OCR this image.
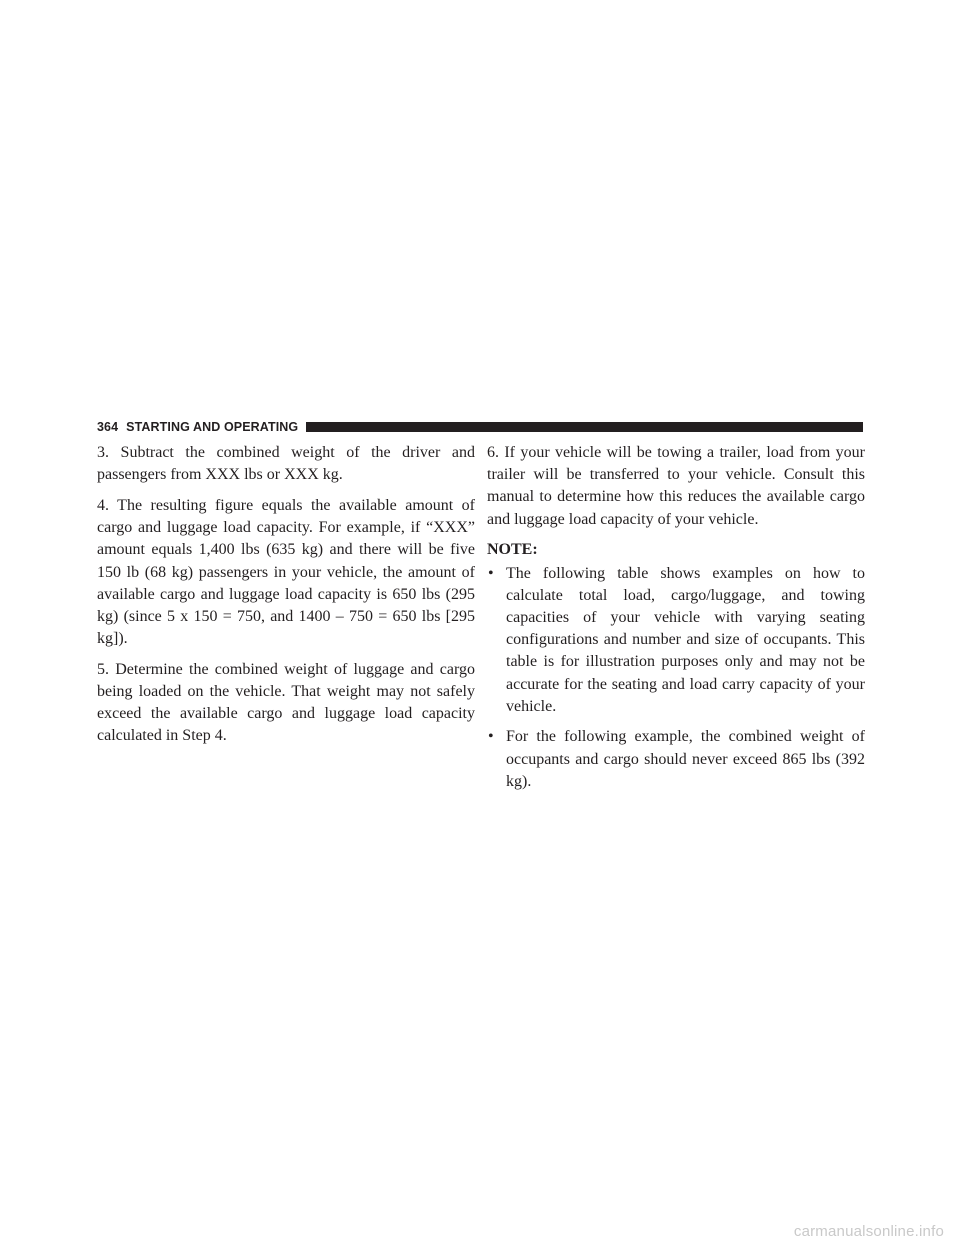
364 STARTING AND OPERATING

3. Subtract the combined weight of the driver and passengers from XXX lbs or XXX kg.

4. The resulting figure equals the available amount of cargo and luggage load capacity. For example, if “XXX” amount equals 1,400 lbs (635 kg) and there will be five 150 lb (68 kg) passengers in your vehicle, the amount of available cargo and luggage load capacity is 650 lbs (295 kg) (since 5 x 150 = 750, and 1400 – 750 = 650 lbs [295 kg]).

5. Determine the combined weight of luggage and cargo being loaded on the vehicle. That weight may not safely exceed the available cargo and luggage load capacity calculated in Step 4.

6. If your vehicle will be towing a trailer, load from your trailer will be transferred to your vehicle. Consult this manual to determine how this reduces the available cargo and luggage load capacity of your vehicle.

NOTE:
• The following table shows examples on how to calculate total load, cargo/luggage, and towing capacities of your vehicle with varying seating configurations and number and size of occupants. This table is for illustration purposes only and may not be accurate for the seating and load carry capacity of your vehicle.
• For the following example, the combined weight of occupants and cargo should never exceed 865 lbs (392 kg).
carmanualsonline.info
